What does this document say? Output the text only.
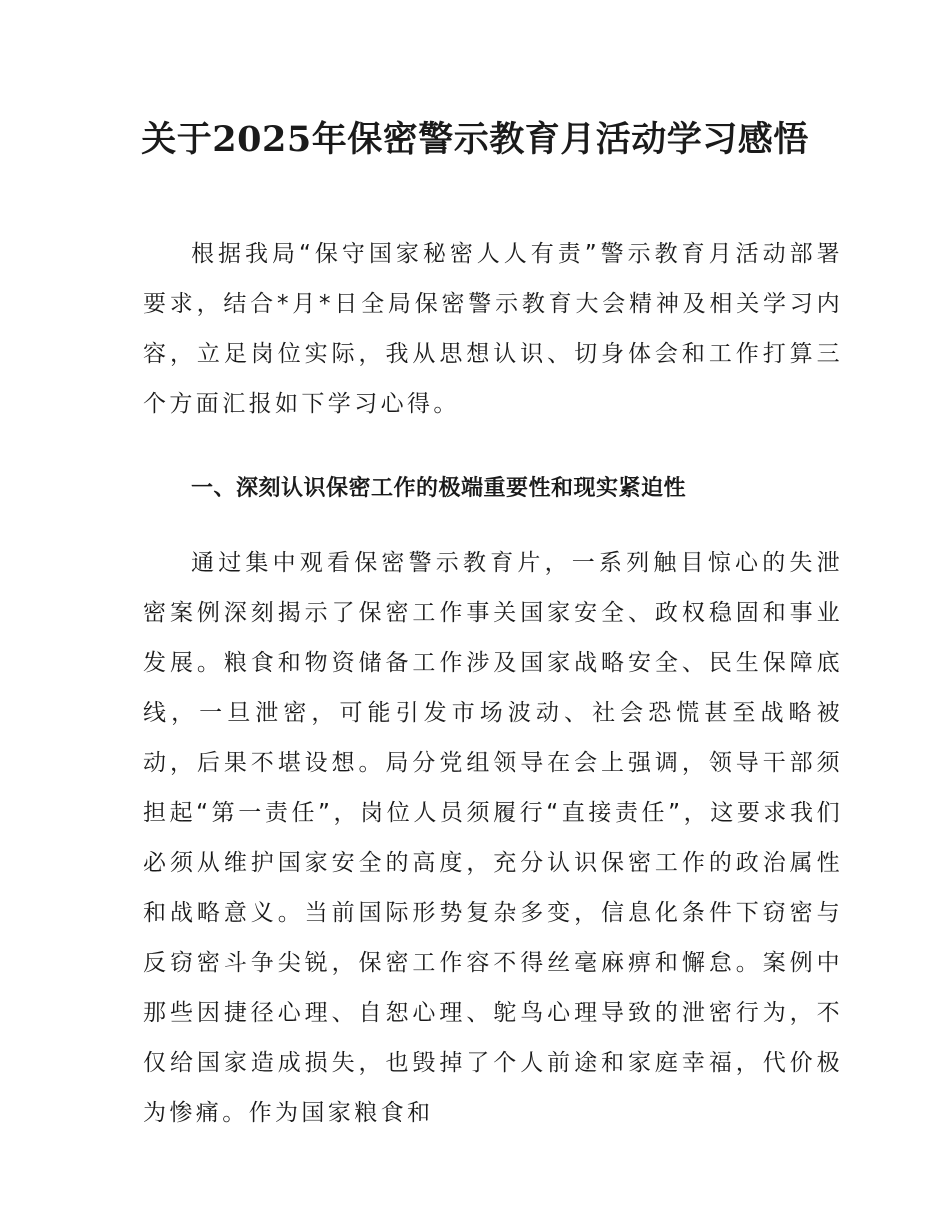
关于2025年保密警示教育月活动学习感悟

根据我局“保守国家秘密人人有责”警示教育月活动部署要求，结合*月*日全局保密警示教育大会精神及相关学习内容，立足岗位实际，我从思想认识、切身体会和工作打算三个方面汇报如下学习心得。

一、深刻认识保密工作的极端重要性和现实紧迫性

通过集中观看保密警示教育片，一系列触目惊心的失泄密案例深刻揭示了保密工作事关国家安全、政权稳固和事业发展。粮食和物资储备工作涉及国家战略安全、民生保障底线，一旦泄密，可能引发市场波动、社会恐慌甚至战略被动，后果不堪设想。局分党组领导在会上强调，领导干部须担起“第一责任”，岗位人员须履行“直接责任”，这要求我们必须从维护国家安全的高度，充分认识保密工作的政治属性和战略意义。当前国际形势复杂多变，信息化条件下窃密与反窃密斗争尖锐，保密工作容不得丝毫麻痹和懈怠。案例中那些因捷径心理、自恕心理、鸵鸟心理导致的泄密行为，不仅给国家造成损失，也毁掉了个人前途和家庭幸福，代价极为惨痛。作为国家粮食和
